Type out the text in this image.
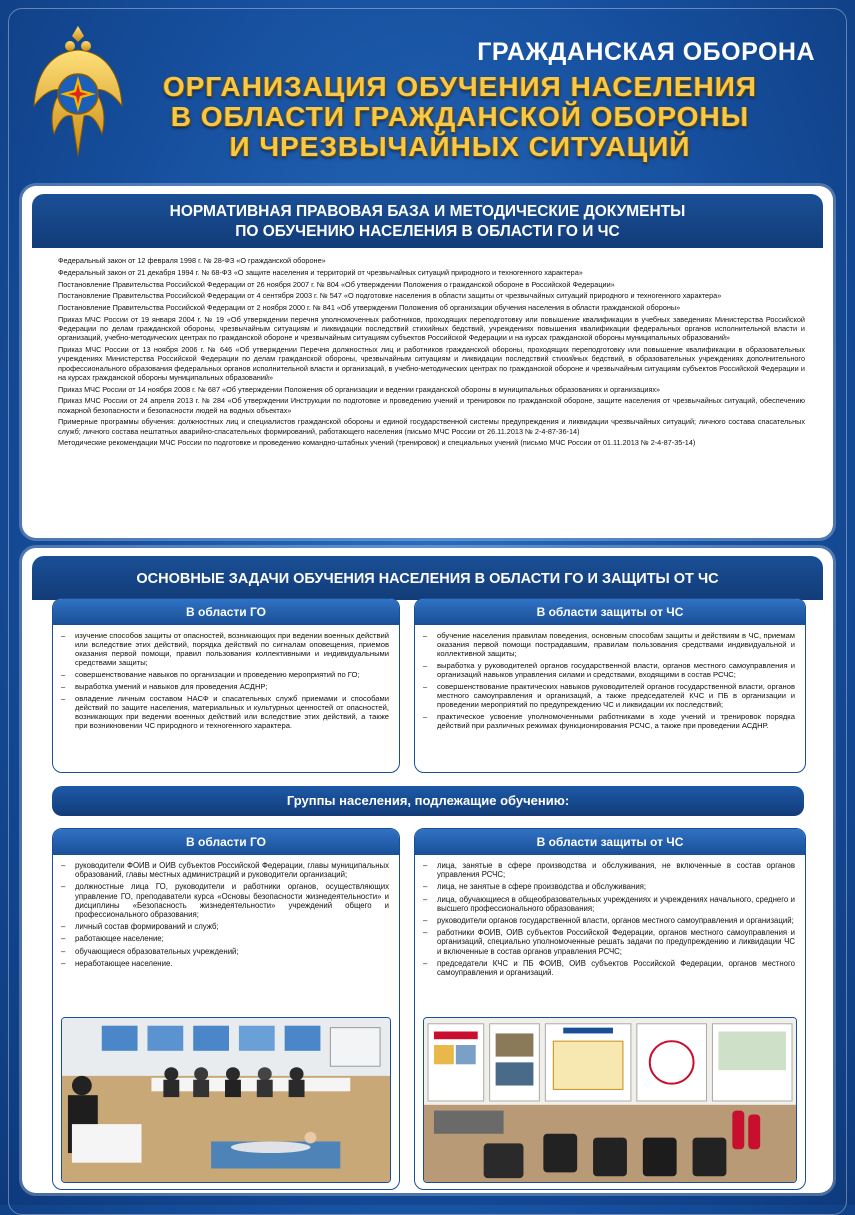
ГРАЖДАНСКАЯ ОБОРОНА
ОРГАНИЗАЦИЯ ОБУЧЕНИЯ НАСЕЛЕНИЯ
В ОБЛАСТИ ГРАЖДАНСКОЙ ОБОРОНЫ
И ЧРЕЗВЫЧАЙНЫХ СИТУАЦИЙ
НОРМАТИВНАЯ ПРАВОВАЯ БАЗА И МЕТОДИЧЕСКИЕ ДОКУМЕНТЫ
ПО ОБУЧЕНИЮ НАСЕЛЕНИЯ В ОБЛАСТИ ГО И ЧС
Федеральный закон от 12 февраля 1998 г. № 28-ФЗ «О гражданской обороне»
Федеральный закон от 21 декабря 1994 г. № 68-ФЗ «О защите населения и территорий от чрезвычайных ситуаций природного и техногенного характера»
Постановление Правительства Российской Федерации от 26 ноября 2007 г. № 804 «Об утверждении Положения о гражданской обороне в Российской Федерации»
Постановление Правительства Российской Федерации от 4 сентября 2003 г. № 547 «О подготовке населения в области защиты от чрезвычайных ситуаций природного и техногенного характера»
Постановление Правительства Российской Федерации от 2 ноября 2000 г. № 841 «Об утверждении Положения об организации обучения населения в области гражданской обороны»
Приказ МЧС России от 19 января 2004 г. № 19 «Об утверждении перечня уполномоченных работников, проходящих переподготовку или повышение квалификации в учебных заведениях Министерства Российской Федерации по делам гражданской обороны, чрезвычайным ситуациям и ликвидации последствий стихийных бедствий, учреждениях повышения квалификации федеральных органов исполнительной власти и организаций, учебно-методических центрах по гражданской обороне и чрезвычайным ситуациям субъектов Российской Федерации и на курсах гражданской обороны муниципальных образований»
Приказ МЧС России от 13 ноября 2006 г. № 646 «Об утверждении Перечня должностных лиц и работников гражданской обороны, проходящих переподготовку или повышение квалификации в образовательных учреждениях Министерства Российской Федерации по делам гражданской обороны, чрезвычайным ситуациям и ликвидации последствий стихийных бедствий, в образовательных учреждениях дополнительного профессионального образования федеральных органов исполнительной власти и организаций, в учебно-методических центрах по гражданской обороне и чрезвычайным ситуациям субъектов Российской Федерации и на курсах гражданской обороны муниципальных образований»
Приказ МЧС России от 14 ноября 2008 г. № 687 «Об утверждении Положения об организации и ведении гражданской обороны в муниципальных образованиях и организациях»
Приказ МЧС России от 24 апреля 2013 г. № 284 «Об утверждении Инструкции по подготовке и проведению учений и тренировок по гражданской обороне, защите населения от чрезвычайных ситуаций, обеспечению пожарной безопасности и безопасности людей на водных объектах»
Примерные программы обучения: должностных лиц и специалистов гражданской обороны и единой государственной системы предупреждения и ликвидации чрезвычайных ситуаций; личного состава спасательных служб; личного состава нештатных аварийно-спасательных формирований, работающего населения (письмо МЧС России от 26.11.2013 № 2-4-87-36-14)
Методические рекомендации МЧС России по подготовке и проведению командно-штабных учений (тренировок) и специальных учений (письмо МЧС России от 01.11.2013 № 2-4-87-35-14)
ОСНОВНЫЕ ЗАДАЧИ ОБУЧЕНИЯ НАСЕЛЕНИЯ В ОБЛАСТИ ГО И ЗАЩИТЫ ОТ ЧС
В области ГО
– изучение способов защиты от опасностей, возникающих при ведении военных действий или вследствие этих действий, порядка действий по сигналам оповещения, приемов оказания первой помощи, правил пользования коллективными и индивидуальными средствами защиты;
– совершенствование навыков по организации и проведению мероприятий по ГО;
– выработка умений и навыков для проведения АСДНР;
– овладение личным составом НАСФ и спасательных служб приемами и способами действий по защите населения, материальных и культурных ценностей от опасностей, возникающих при ведении военных действий или вследствие этих действий, а также при возникновении ЧС природного и техногенного характера.
В области защиты от ЧС
– обучение населения правилам поведения, основным способам защиты и действиям в ЧС, приемам оказания первой помощи пострадавшим, правилам пользования средствами индивидуальной и коллективной защиты;
– выработка у руководителей органов государственной власти, органов местного самоуправления и организаций навыков управления силами и средствами, входящими в состав РСЧС;
– совершенствование практических навыков руководителей органов государственной власти, органов местного самоуправления и организаций, а также председателей КЧС и ПБ в организации и проведении мероприятий по предупреждению ЧС и ликвидации их последствий;
– практическое усвоение уполномоченными работниками в ходе учений и тренировок порядка действий при различных режимах функционирования РСЧС, а также при проведении АСДНР.
Группы населения, подлежащие обучению:
В области ГО
– руководители ФОИВ и ОИВ субъектов Российской Федерации, главы муниципальных образований, главы местных администраций и руководители организаций;
– должностные лица ГО, руководители и работники органов, осуществляющих управление ГО, преподаватели курса «Основы безопасности жизнедеятельности» и дисциплины «Безопасность жизнедеятельности» учреждений общего и профессионального образования;
– личный состав формирований и служб;
– работающее население;
– обучающиеся образовательных учреждений;
– неработающее население.
В области защиты от ЧС
– лица, занятые в сфере производства и обслуживания, не включенные в состав органов управления РСЧС;
– лица, не занятые в сфере производства и обслуживания;
– лица, обучающиеся в общеобразовательных учреждениях и учреждениях начального, среднего и высшего профессионального образования;
– руководители органов государственной власти, органов местного самоуправления и организаций;
– работники ФОИВ, ОИВ субъектов Российской Федерации, органов местного самоуправления и организаций, специально уполномоченные решать задачи по предупреждению и ликвидации ЧС и включенные в состав органов управления РСЧС;
– председатели КЧС и ПБ ФОИВ, ОИВ субъектов Российской Федерации, органов местного самоуправления и организаций.
